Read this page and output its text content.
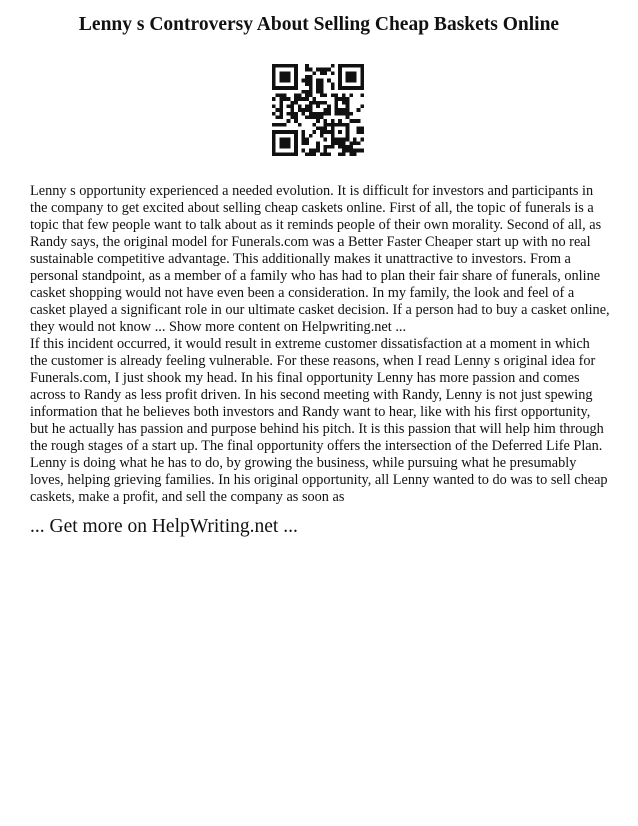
Lenny s Controversy About Selling Cheap Baskets Online

Lenny s opportunity experienced a needed evolution. It is difficult for investors and participants in the company to get excited about selling cheap caskets online. First of all, the topic of funerals is a topic that few people want to talk about as it reminds people of their own morality. Second of all, as Randy says, the original model for Funerals.com was a Better Faster Cheaper start up with no real sustainable competitive advantage. This additionally makes it unattractive to investors. From a personal standpoint, as a member of a family who has had to plan their fair share of funerals, online casket shopping would not have even been a consideration. In my family, the look and feel of a casket played a significant role in our ultimate casket decision. If a person had to buy a casket online, they would not know ... Show more content on Helpwriting.net ...

If this incident occurred, it would result in extreme customer dissatisfaction at a moment in which the customer is already feeling vulnerable. For these reasons, when I read Lenny s original idea for Funerals.com, I just shook my head. In his final opportunity Lenny has more passion and comes across to Randy as less profit driven. In his second meeting with Randy, Lenny is not just spewing information that he believes both investors and Randy want to hear, like with his first opportunity, but he actually has passion and purpose behind his pitch. It is this passion that will help him through the rough stages of a start up. The final opportunity offers the intersection of the Deferred Life Plan. Lenny is doing what he has to do, by growing the business, while pursuing what he presumably loves, helping grieving families. In his original opportunity, all Lenny wanted to do was to sell cheap caskets, make a profit, and sell the company as soon as

... Get more on HelpWriting.net ...
